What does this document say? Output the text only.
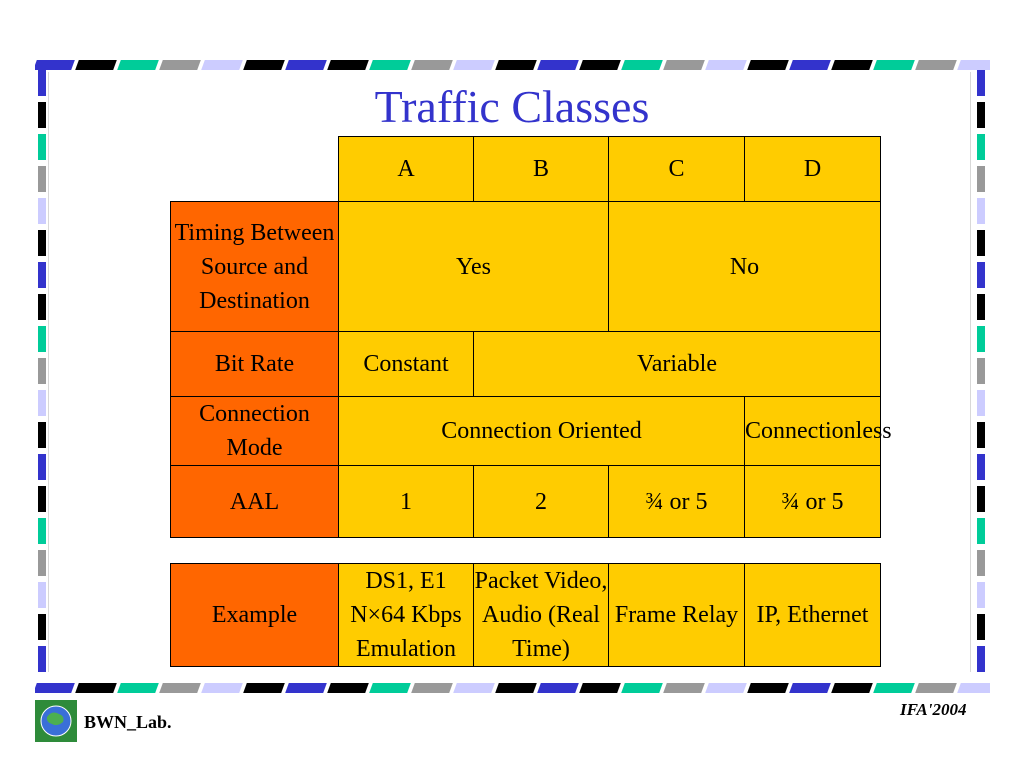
Traffic Classes
	A	B	C	D
Timing Between Source and Destination	Yes		No	
Bit Rate	Constant	Variable		
Connection Mode	Connection Oriented			Connectionless
AAL	1	2	¾ or 5	¾ or 5
Example	DS1, E1 N×64 Kbps Emulation	Packet Video, Audio (Real Time)	Frame Relay	IP, Ethernet
BWN_Lab.
IFA'2004
